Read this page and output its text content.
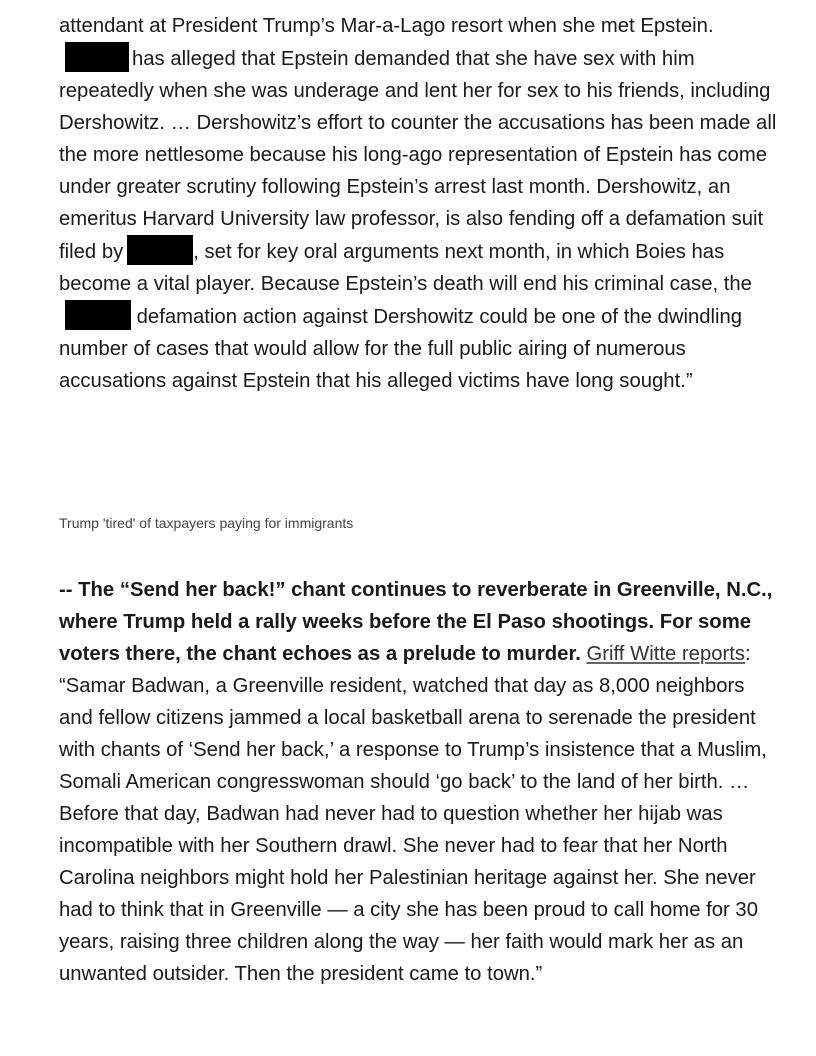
attendant at President Trump’s Mar-a-Lago resort when she met Epstein.has alleged that Epstein demanded that she have sex with him repeatedly when she was underage and lent her for sex to his friends, including Dershowitz. … Dershowitz’s effort to counter the accusations has been made all the more nettlesome because his long-ago representation of Epstein has come under greater scrutiny following Epstein’s arrest last month. Dershowitz, an emeritus Harvard University law professor, is also fending off a defamation suit filed by	, set for key oral arguments next month, in which Boies has become a vital player. Because Epstein’s death will end his criminal case, the defamation action against Dershowitz could be one of the dwindling number of cases that would allow for the full public airing of numerous accusations against Epstein that his alleged victims have long sought.”

Trump 'tired' of taxpayers paying for immigrants

-- The “Send her back!” chant continues to reverberate in Greenville, N.C., where Trump held a rally weeks before the El Paso shootings. For some voters there, the chant echoes as a prelude to murder. Griff Witte reports: “Samar Badwan, a Greenville resident, watched that day as 8,000 neighbors and fellow citizens jammed a local basketball arena to serenade the president with chants of ‘Send her back,’ a response to Trump’s insistence that a Muslim, Somali American congresswoman should ‘go back’ to the land of her birth. … Before that day, Badwan had never had to question whether her hijab was incompatible with her Southern drawl. She never had to fear that her North Carolina neighbors might hold her Palestinian heritage against her. She never had to think that in Greenville — a city she has been proud to call home for 30 years, raising three children along the way — her faith would mark her as an unwanted outsider. Then the president came to town.”
